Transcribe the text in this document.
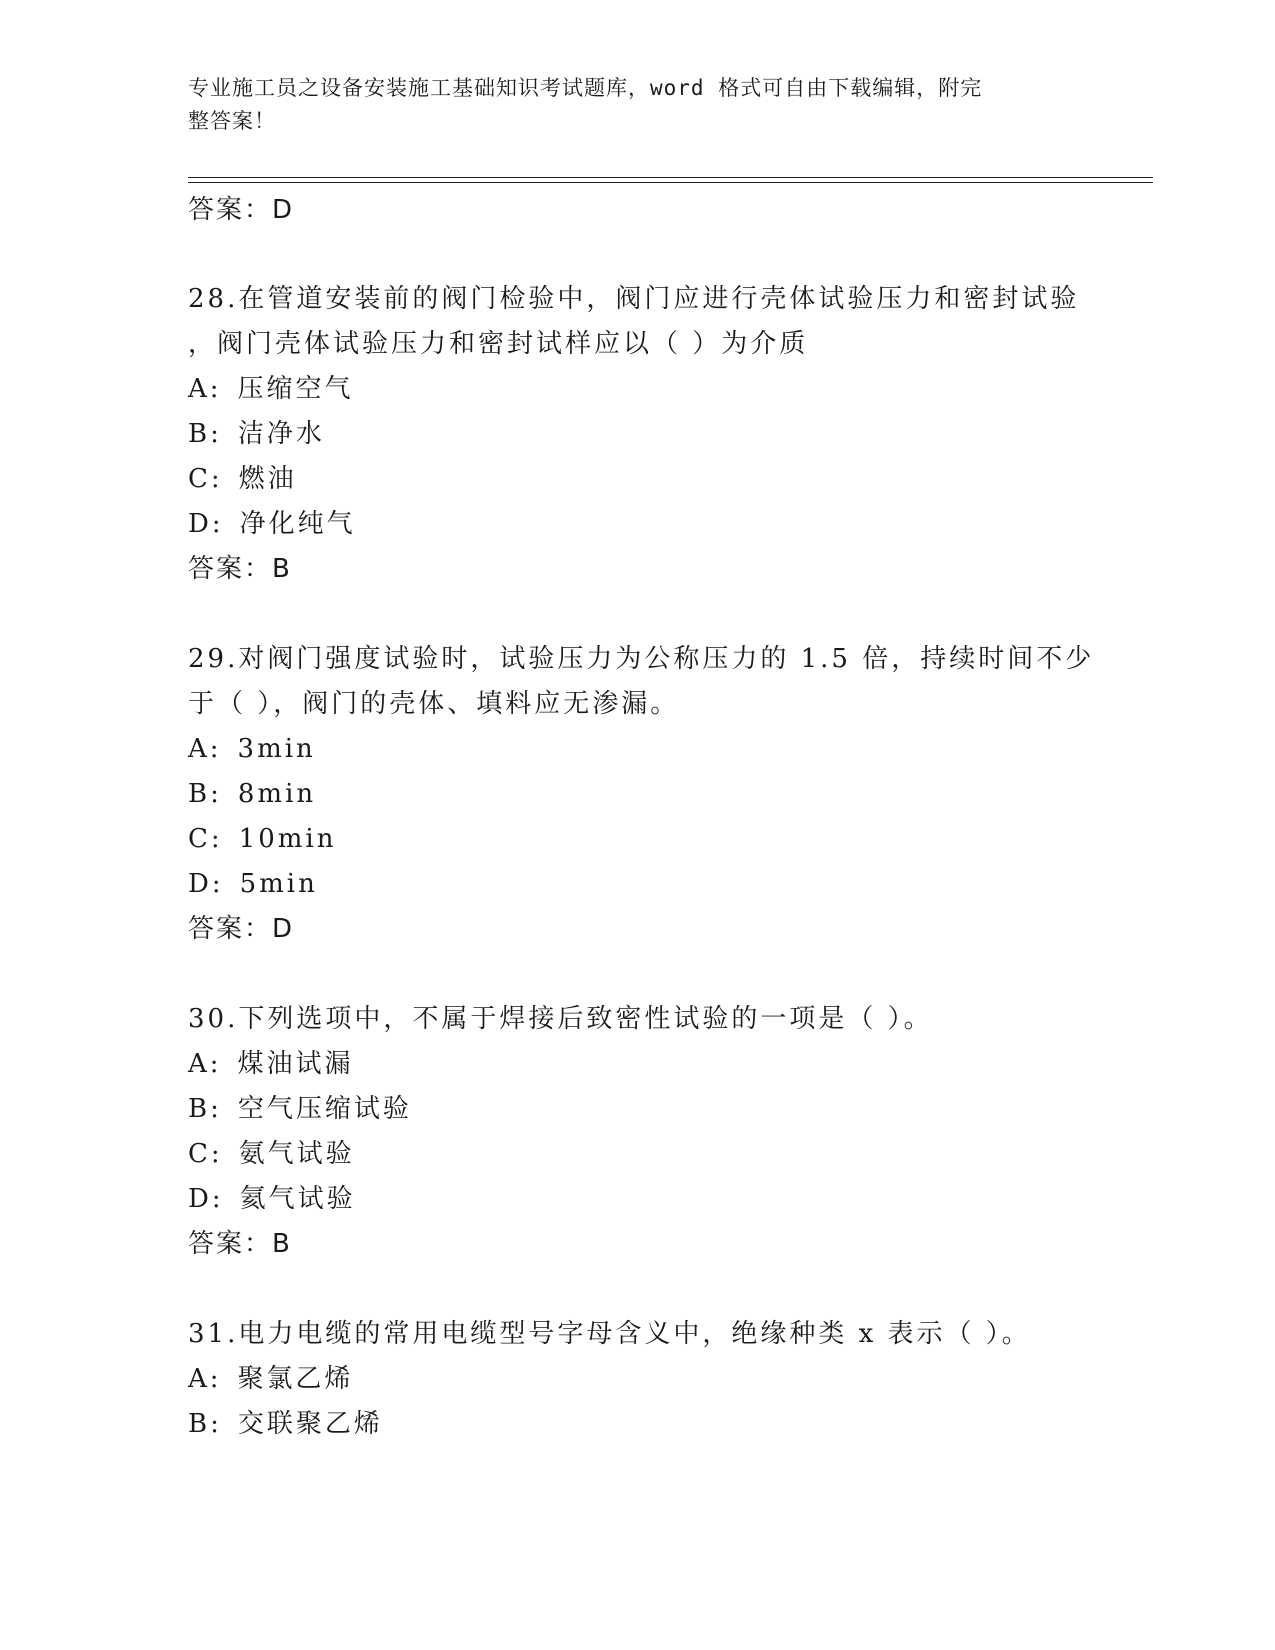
专业施工员之设备安装施工基础知识考试题库，word 格式可自由下载编辑，附完
整答案！
答案：D
28.在管道安装前的阀门检验中，阀门应进行壳体试验压力和密封试验
，阀门壳体试验压力和密封试样应以（ ）为介质
A: 压缩空气
B: 洁净水
C: 燃油
D: 净化纯气
答案：B
29.对阀门强度试验时，试验压力为公称压力的 1.5 倍，持续时间不少
于（ ），阀门的壳体、填料应无渗漏。
A: 3min
B: 8min
C: 10min
D: 5min
答案：D
30.下列选项中，不属于焊接后致密性试验的一项是（ ）。
A: 煤油试漏
B: 空气压缩试验
C: 氨气试验
D: 氦气试验
答案：B
31.电力电缆的常用电缆型号字母含义中，绝缘种类 x 表示（ ）。
A: 聚氯乙烯
B: 交联聚乙烯
